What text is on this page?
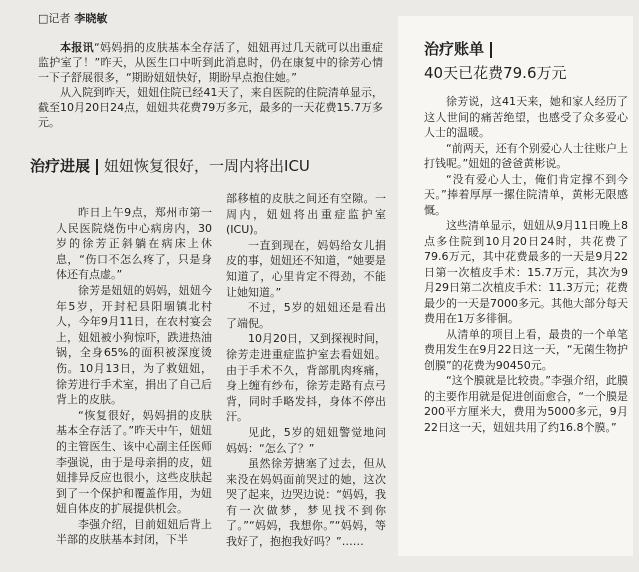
□记者 李晓敏

本报讯“妈妈捐的皮肤基本全存活了，妞妞再过几天就可以出重症监护室了！”昨天，从医生口中听到此消息时，仍在康复中的徐芳心情一下子舒展很多，“期盼妞妞快好，期盼早点抱住她。”

从入院到昨天，妞妞住院已经41天了，来自医院的住院清单显示，截至10月20日24点，妞妞共花费79万多元，最多的一天花费15.7万多元。

治疗进展 妞妞恢复很好，一周内将出ICU

昨日上午9点，郑州市第一人民医院烧伤中心病房内，30岁的徐芳正斜躺在病床上休息，“伤口不怎么疼了，只是身体还有点虚。”

徐芳是妞妞的妈妈，妞妞今年5岁，开封杞县阳堌镇北村人，今年9月11日，在农村宴会上，妞妞被小狗惊吓，跌进热油锅，全身65%的面积被深度烫伤。10月13日，为了救妞妞，徐芳进行手术室，捐出了自己后背上的皮肤。

“恢复很好，妈妈捐的皮肤基本全存活了。”昨天中午，妞妞的主管医生、该中心副主任医师李强说，由于是母亲捐的皮，妞妞排异反应也很小，这些皮肤起到了一个保护和覆盖作用，为妞妞自体皮的扩展提供机会。

李强介绍，目前妞妞后背上半部的皮肤基本封闭，下半

部移植的皮肤之间还有空隙。一周内，妞妞将出重症监护室(ICU)。

一直到现在，妈妈给女儿捐皮的事，妞妞还不知道，“她要是知道了，心里肯定不得劲，不能让她知道。”

不过，5岁的妞妞还是看出了端倪。

10月20日，又到探视时间，徐芳走进重症监护室去看妞妞。由于手术不久，背部肌肉疼痛，身上缠有纱布，徐芳走路有点弓背，同时手略发抖，身体不停出汗。

见此，5岁的妞妞警觉地问妈妈：“怎么了？”

虽然徐芳搪塞了过去，但从来没在妈妈面前哭过的她，这次哭了起来，边哭边说：“妈妈，我有一次做梦，梦见找不到你了。”“妈妈，我想你。”“妈妈，等我好了，抱抱我好吗？”……

治疗账单
40天已花费79.6万元

徐芳说，这41天来，她和家人经历了这人世间的痛苦绝望，也感受了众多爱心人士的温暖。

“前两天，还有个别爱心人士往账户上打钱呢。”妞妞的爸爸黄彬说。

“没有爱心人士，俺们肯定撑不到今天。”捧着厚厚一摞住院清单，黄彬无限感慨。

这些清单显示，妞妞从9月11日晚上8点多住院到10月20日24时，共花费了79.6万元，其中花费最多的一天是9月22日第一次植皮手术：15.7万元，其次为9月29日第二次植皮手术：11.3万元；花费最少的一天是7000多元。其他大部分每天费用在1万多徘徊。

从清单的项目上看，最贵的一个单笔费用发生在9月22日这一天，“无菌生物护创膜”的花费为90450元。

“这个膜就是比较贵。”李强介绍，此膜的主要作用就是促进创面愈合，“一个膜是200平方厘米大，费用为5000多元，9月22日这一天，妞妞共用了约16.8个膜。”
